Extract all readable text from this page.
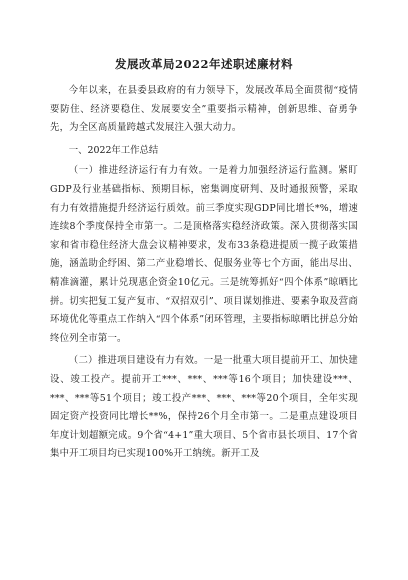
发展改革局2022年述职述廉材料

今年以来，在县委县政府的有力领导下，发展改革局全面贯彻“疫情要防住、经济要稳住、发展要安全”重要指示精神，创新思维、奋勇争先，为全区高质量跨越式发展注入强大动力。

一、2022年工作总结

（一）推进经济运行有力有效。一是着力加强经济运行监测。紧盯GDP及行业基础指标、预期目标，密集调度研判、及时通报预警，采取有力有效措施提升经济运行质效。前三季度实现GDP同比增长*%，增速连续8个季度保持全市第一。二是顶格落实稳经济政策。深入贯彻落实国家和省市稳住经济大盘会议精神要求，发布33条稳进提质一揽子政策措施，涵盖助企纾困、第二产业稳增长、促服务业等七个方面，能出尽出、精准滴灌，累计兑现惠企资金10亿元。三是统筹抓好“四个体系”晾晒比拼。切实把复工复产复市、“双招双引”、项目谋划推进、要素争取及营商环境优化等重点工作纳入“四个体系”闭环管理，主要指标晾晒比拼总分始终位列全市第一。

（二）推进项目建设有力有效。一是一批重大项目提前开工、加快建设、竣工投产。提前开工***、***、***等16个项目；加快建设***、***、***等51个项目；竣工投产***、***、***等20个项目，全年实现固定资产投资同比增长**%，保持26个月全市第一。二是重点建设项目年度计划超额完成。9个省“4+1”重大项目、5个省市县长项目、17个省集中开工项目均已实现100%开工纳统。新开工及
